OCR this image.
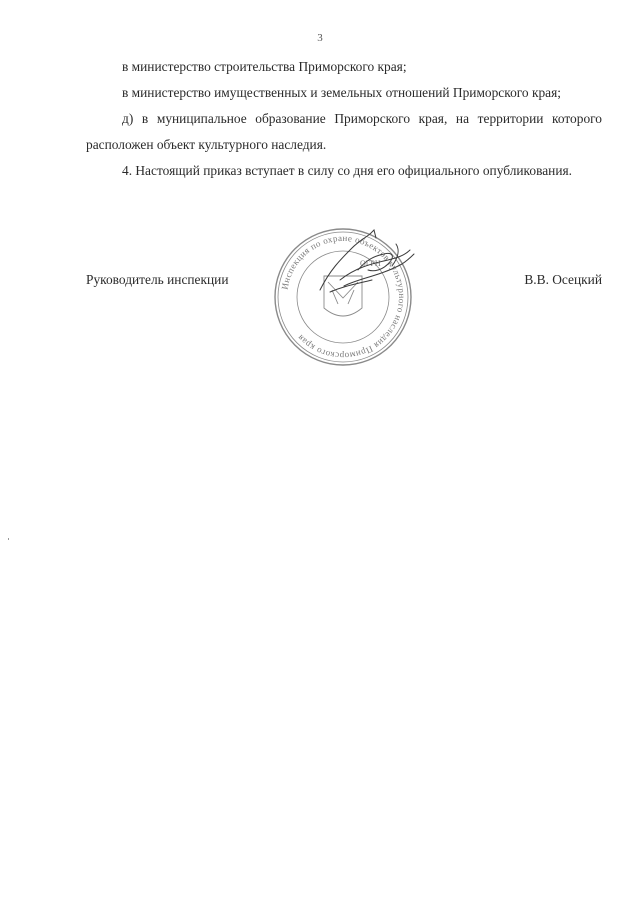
3

в министерство строительства Приморского края;

в министерство имущественных и земельных отношений Приморского края;

д) в муниципальное образование Приморского края, на территории которого расположен объект культурного наследия.

4. Настоящий приказ вступает в силу со дня его официального опубликования.

Руководитель инспекции	В.В. Осецкий
Инспекция по охране объектов культурного наследия Приморского края
ОГРН
